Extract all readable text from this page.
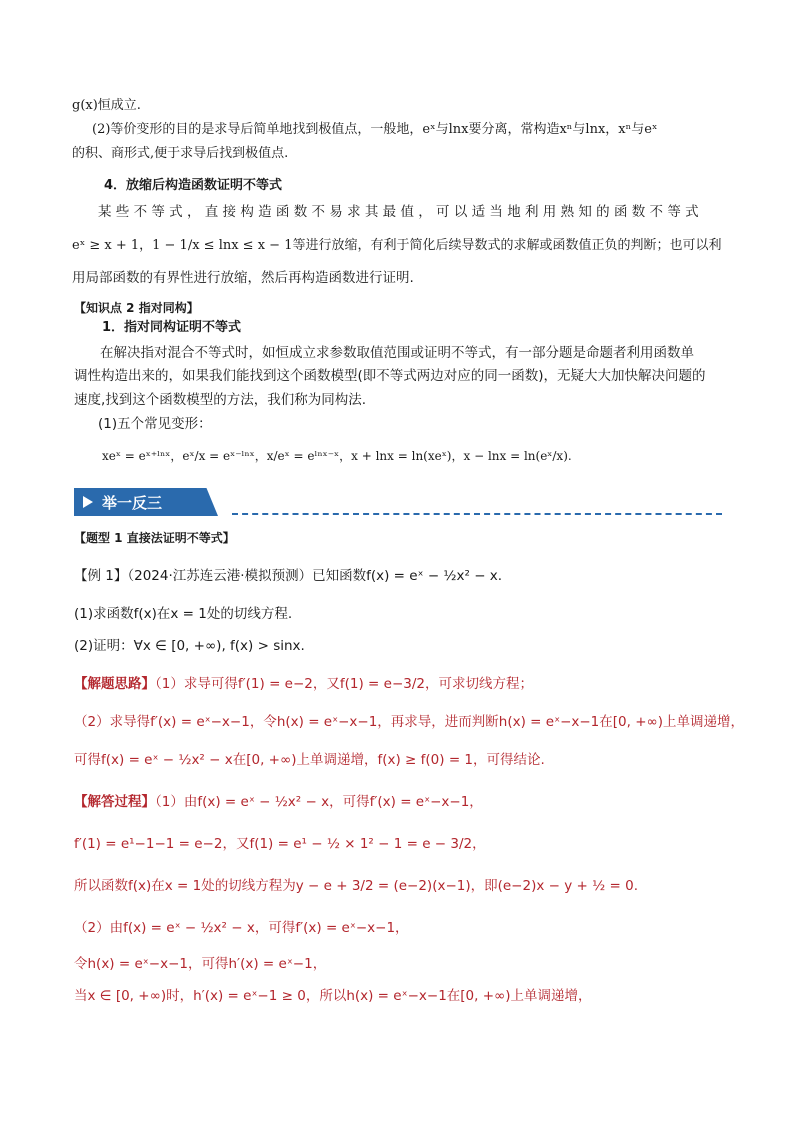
g(x)恒成立.
(2)等价变形的目的是求导后简单地找到极值点，一般地，eˣ与lnx要分离，常构造xⁿ与lnx，xⁿ与eˣ
的积、商形式,便于求导后找到极值点.
4．放缩后构造函数证明不等式
某 些 不 等 式 ， 直 接 构 造 函 数 不 易 求 其 最 值 ， 可 以 适 当 地 利 用 熟 知 的 函 数 不 等 式
eˣ ≥ x + 1，1 − 1/x ≤ lnx ≤ x − 1等进行放缩，有利于简化后续导数式的求解或函数值正负的判断；也可以利
用局部函数的有界性进行放缩，然后再构造函数进行证明.
【知识点 2 指对同构】
1．指对同构证明不等式
在解决指对混合不等式时，如恒成立求参数取值范围或证明不等式，有一部分题是命题者利用函数单
调性构造出来的，如果我们能找到这个函数模型(即不等式两边对应的同一函数)，无疑大大加快解决问题的
速度,找到这个函数模型的方法，我们称为同构法.
(1)五个常见变形：
xeˣ = eˣ⁺ˡⁿˣ，eˣ/x = eˣ⁻ˡⁿˣ，x/eˣ = eˡⁿˣ⁻ˣ，x + lnx = ln(xeˣ)，x − lnx = ln(eˣ/x).
举一反三
【题型 1 直接法证明不等式】
【例 1】（2024·江苏连云港·模拟预测）已知函数f(x) = eˣ − ½x² − x.
(1)求函数f(x)在x = 1处的切线方程.
(2)证明：∀x ∈ [0, +∞), f(x) > sinx.
【解题思路】（1）求导可得f′(1) = e−2，又f(1) = e−3/2，可求切线方程；
（2）求导得f′(x) = eˣ−x−1，令h(x) = eˣ−x−1，再求导，进而判断h(x) = eˣ−x−1在[0, +∞)上单调递增，
可得f(x) = eˣ − ½x² − x在[0, +∞)上单调递增，f(x) ≥ f(0) = 1，可得结论.
【解答过程】（1）由f(x) = eˣ − ½x² − x，可得f′(x) = eˣ−x−1，
f′(1) = e¹−1−1 = e−2，又f(1) = e¹ − ½ × 1² − 1 = e − 3/2，
所以函数f(x)在x = 1处的切线方程为y − e + 3/2 = (e−2)(x−1)，即(e−2)x − y + ½ = 0.
（2）由f(x) = eˣ − ½x² − x，可得f′(x) = eˣ−x−1，
令h(x) = eˣ−x−1，可得h′(x) = eˣ−1，
当x ∈ [0, +∞)时，h′(x) = eˣ−1 ≥ 0，所以h(x) = eˣ−x−1在[0, +∞)上单调递增，
